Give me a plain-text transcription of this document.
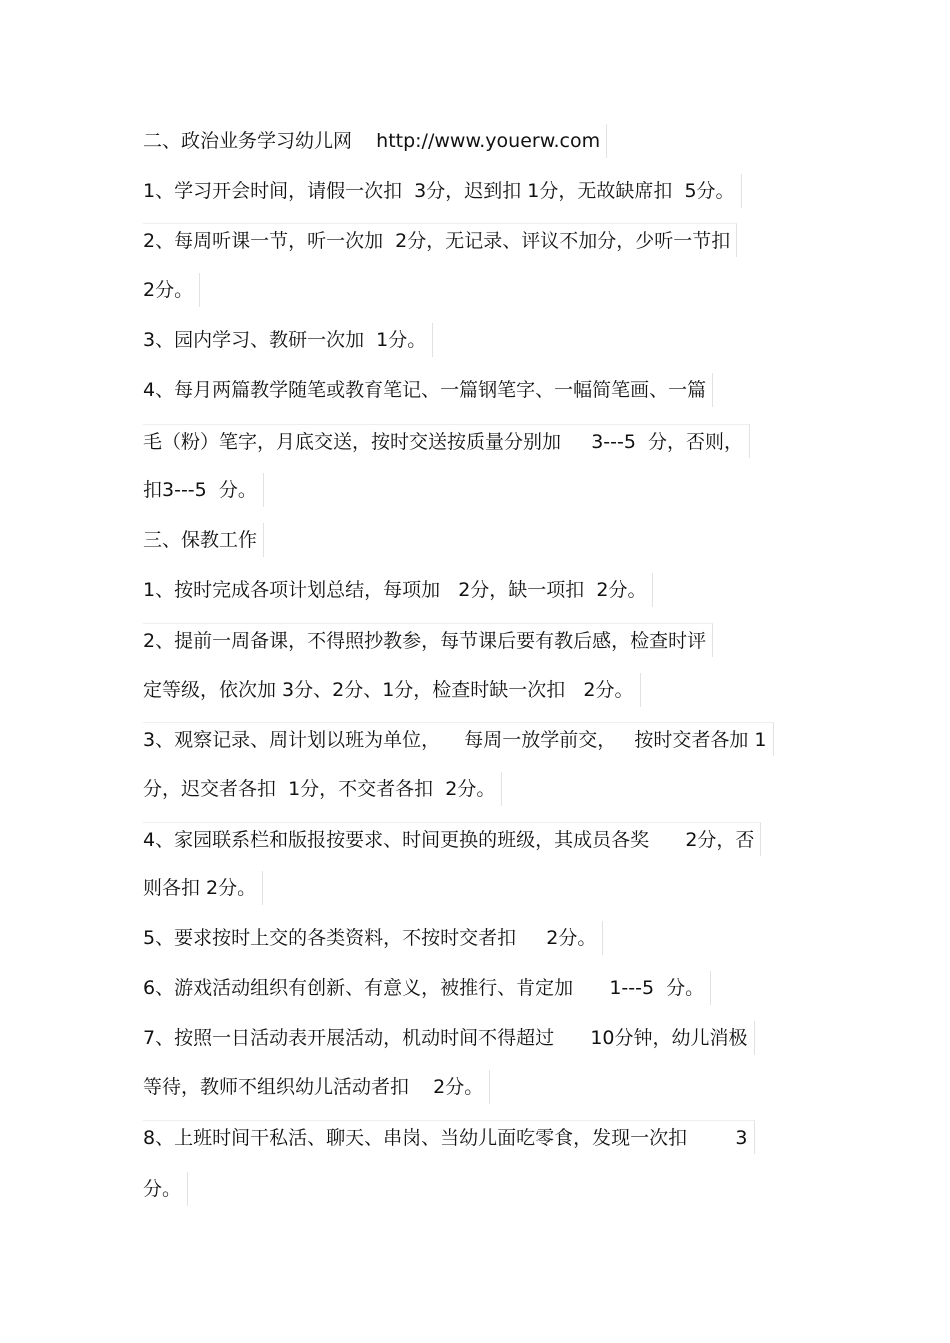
二、政治业务学习幼儿网    http://www.youerw.com
1、学习开会时间，请假一次扣  3分，迟到扣 1分，无故缺席扣  5分。
2、每周听课一节，听一次加  2分，无记录、评议不加分，少听一节扣
2分。
3、园内学习、教研一次加  1分。
4、每月两篇教学随笔或教育笔记、一篇钢笔字、一幅简笔画、一篇
毛（粉）笔字，月底交送，按时交送按质量分别加     3---5  分，否则，
扣3---5  分。
三、保教工作
1、按时完成各项计划总结，每项加   2分，缺一项扣  2分。
2、提前一周备课，不得照抄教参，每节课后要有教后感，检查时评
定等级，依次加 3分、2分、1分，检查时缺一次扣   2分。
3、观察记录、周计划以班为单位，    每周一放学前交，   按时交者各加 1
分，迟交者各扣  1分，不交者各扣  2分。
4、家园联系栏和版报按要求、时间更换的班级，其成员各奖      2分，否
则各扣 2分。
5、要求按时上交的各类资料，不按时交者扣     2分。
6、游戏活动组织有创新、有意义，被推行、肯定加      1---5  分。
7、按照一日活动表开展活动，机动时间不得超过      10分钟，幼儿消极
等待，教师不组织幼儿活动者扣    2分。
8、上班时间干私活、聊天、串岗、当幼儿面吃零食，发现一次扣        3
分。
